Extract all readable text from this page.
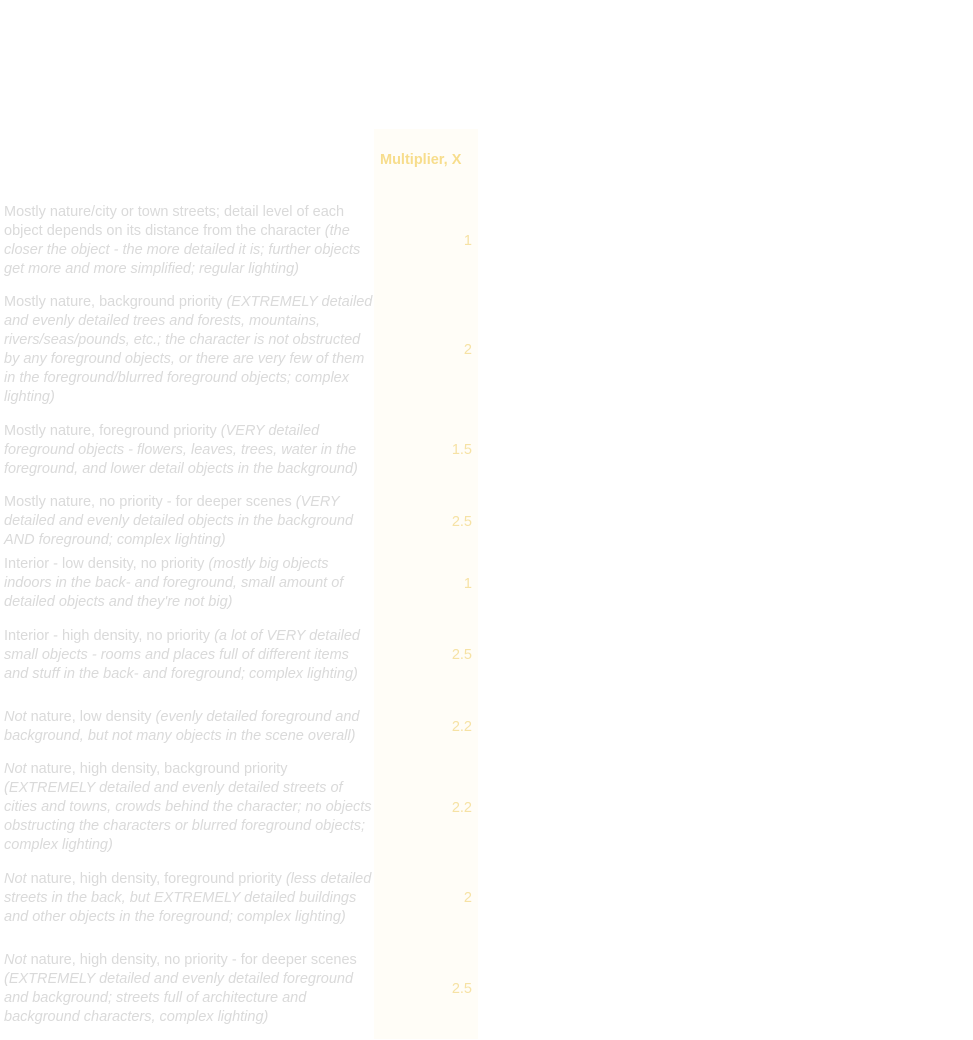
Multiplier, X
Mostly nature/city or town streets; detail level of each object depends on its distance from the character (the closer the object - the more detailed it is; further objects get more and more simplified; regular lighting)
1
Mostly nature, background priority (EXTREMELY detailed and evenly detailed trees and forests, mountains, rivers/seas/pounds, etc.; the character is not obstructed by any foreground objects, or there are very few of them in the foreground/blurred foreground objects; complex lighting)
2
Mostly nature, foreground priority (VERY detailed foreground objects - flowers, leaves, trees, water in the foreground, and lower detail objects in the background)
1.5
Mostly nature, no priority - for deeper scenes (VERY detailed and evenly detailed objects in the background AND foreground; complex lighting)
2.5
Interior - low density, no priority (mostly big objects indoors in the back- and foreground, small amount of detailed objects and they're not big)
1
Interior - high density, no priority (a lot of VERY detailed small objects - rooms and places full of different items and stuff in the back- and foreground; complex lighting)
2.5
Not nature, low density (evenly detailed foreground and background, but not many objects in the scene overall)
2.2
Not nature, high density, background priority (EXTREMELY detailed and evenly detailed streets of cities and towns, crowds behind the character; no objects obstructing the characters or blurred foreground objects; complex lighting)
2.2
Not nature, high density, foreground priority (less detailed streets in the back, but EXTREMELY detailed buildings and other objects in the foreground; complex lighting)
2
Not nature, high density, no priority - for deeper scenes (EXTREMELY detailed and evenly detailed foreground and background; streets full of architecture and background characters, complex lighting)
2.5
